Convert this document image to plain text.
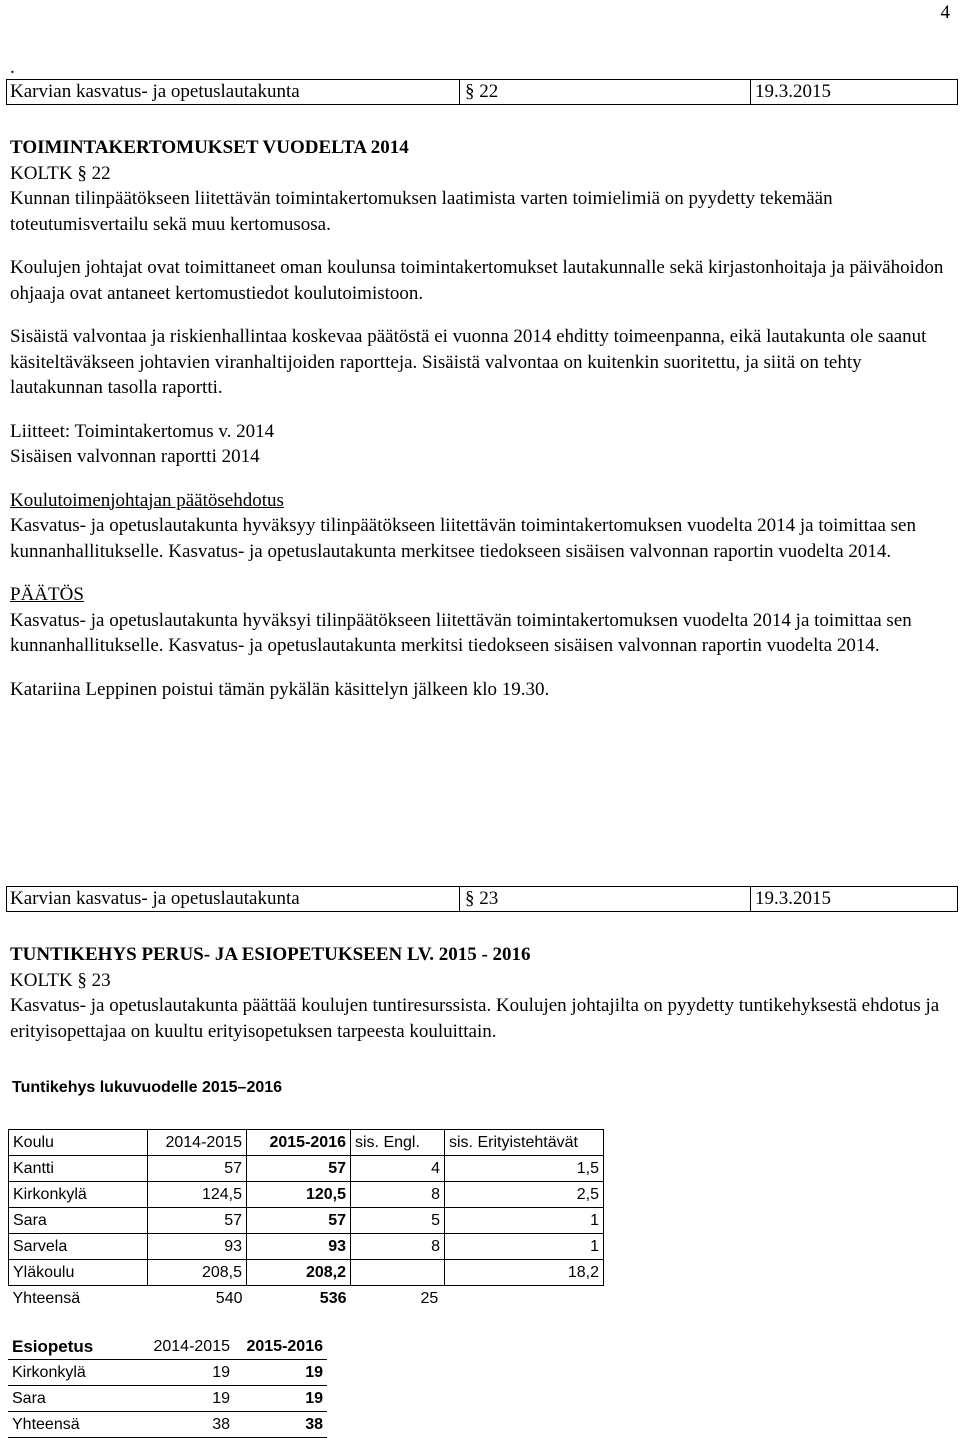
4
.
Karvian kasvatus- ja opetuslautakunta	§ 22	19.3.2015

TOIMINTAKERTOMUKSET VUODELTA 2014

KOLTK § 22

Kunnan tilinpäätökseen liitettävän toimintakertomuksen laatimista varten toimielimiä on pyydetty tekemään toteutumisvertailu sekä muu kertomusosa.

Koulujen johtajat ovat toimittaneet oman koulunsa toimintakertomukset lautakunnalle sekä kirjastonhoitaja ja päivähoidon ohjaaja ovat antaneet kertomustiedot koulutoimistoon.

Sisäistä valvontaa ja riskienhallintaa koskevaa päätöstä ei vuonna 2014 ehditty toimeenpanna, eikä lautakunta ole saanut käsiteltäväkseen johtavien viranhaltijoiden raportteja. Sisäistä valvontaa on kuitenkin suoritettu, ja siitä on tehty lautakunnan tasolla raportti.

Liitteet: Toimintakertomus v. 2014

Sisäisen valvonnan raportti 2014

Koulutoimenjohtajan päätösehdotus

Kasvatus- ja opetuslautakunta hyväksyy tilinpäätökseen liitettävän toimintakertomuksen vuodelta 2014 ja toimittaa sen kunnanhallitukselle. Kasvatus- ja opetuslautakunta merkitsee tiedokseen sisäisen valvonnan raportin vuodelta 2014.

PÄÄTÖS

Kasvatus- ja opetuslautakunta hyväksyi tilinpäätökseen liitettävän toimintakertomuksen vuodelta 2014 ja toimittaa sen kunnanhallitukselle. Kasvatus- ja opetuslautakunta merkitsi tiedokseen sisäisen valvonnan raportin vuodelta 2014.

Katariina Leppinen poistui tämän pykälän käsittelyn jälkeen klo 19.30.

Karvian kasvatus- ja opetuslautakunta	§ 23	19.3.2015

TUNTIKEHYS PERUS- JA ESIOPETUKSEEN LV. 2015 - 2016

KOLTK § 23

Kasvatus- ja opetuslautakunta päättää koulujen tuntiresurssista. Koulujen johtajilta on pyydetty tuntikehyksestä ehdotus ja erityisopettajaa on kuultu erityisopetuksen tarpeesta kouluittain.

Tuntikehys lukuvuodelle 2015–2016
Koulu	2014-2015	2015-2016	sis. Engl.	sis. Erityistehtävät
Kantti	57	57	4	1,5
Kirkonkylä	124,5	120,5	8	2,5
Sara	57	57	5	1
Sarvela	93	93	8	1
Yläkoulu	208,5	208,2		18,2
Yhteensä	540	536	25	
Esiopetus	2014-2015	2015-2016
Kirkonkylä	19	19
Sara	19	19
Yhteensä	38	38
